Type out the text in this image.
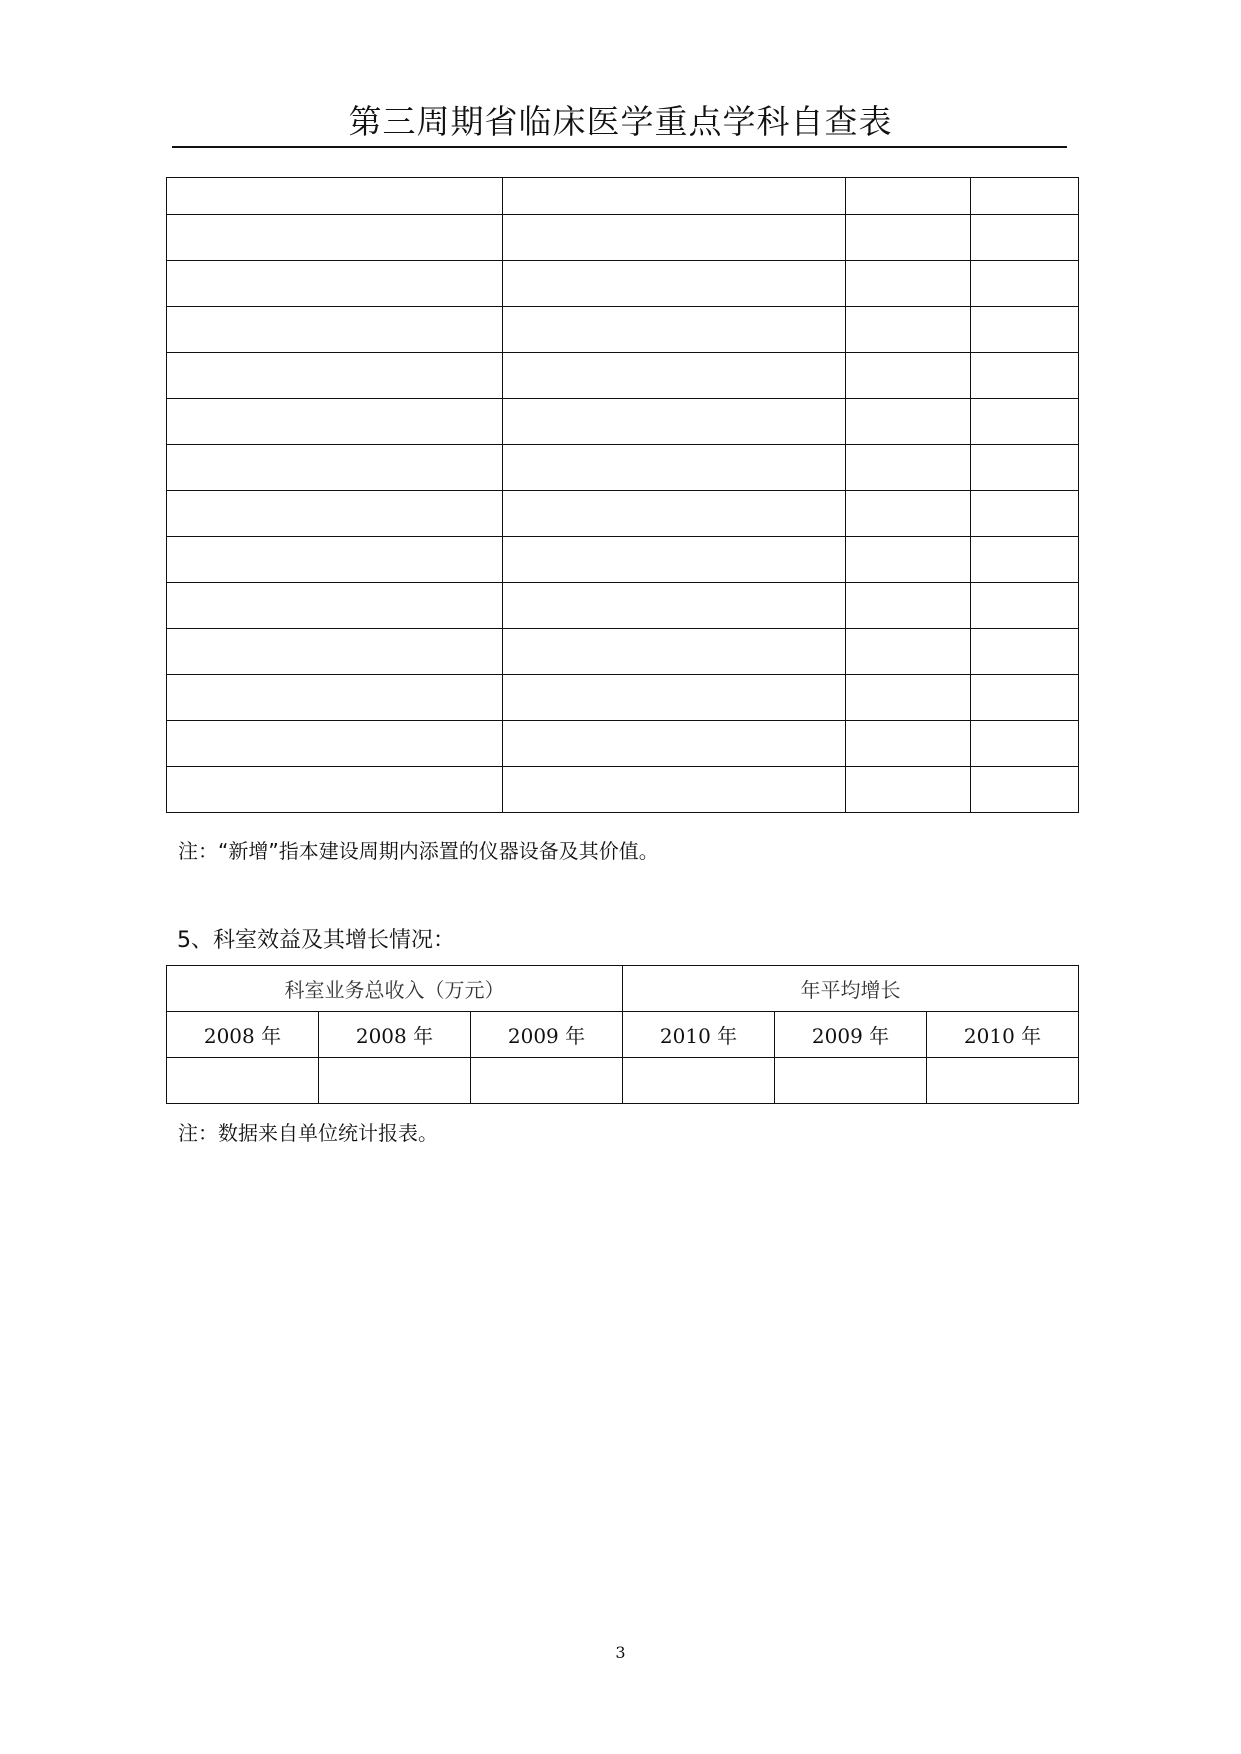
第三周期省临床医学重点学科自查表

注：“新增”指本建设周期内添置的仪器设备及其价值。
5、科室效益及其增长情况：
科室业务总收入（万元）			年平均增长		
2008 年	2008 年	2009 年	2010 年	2009 年	2010 年

注：数据来自单位统计报表。
3
